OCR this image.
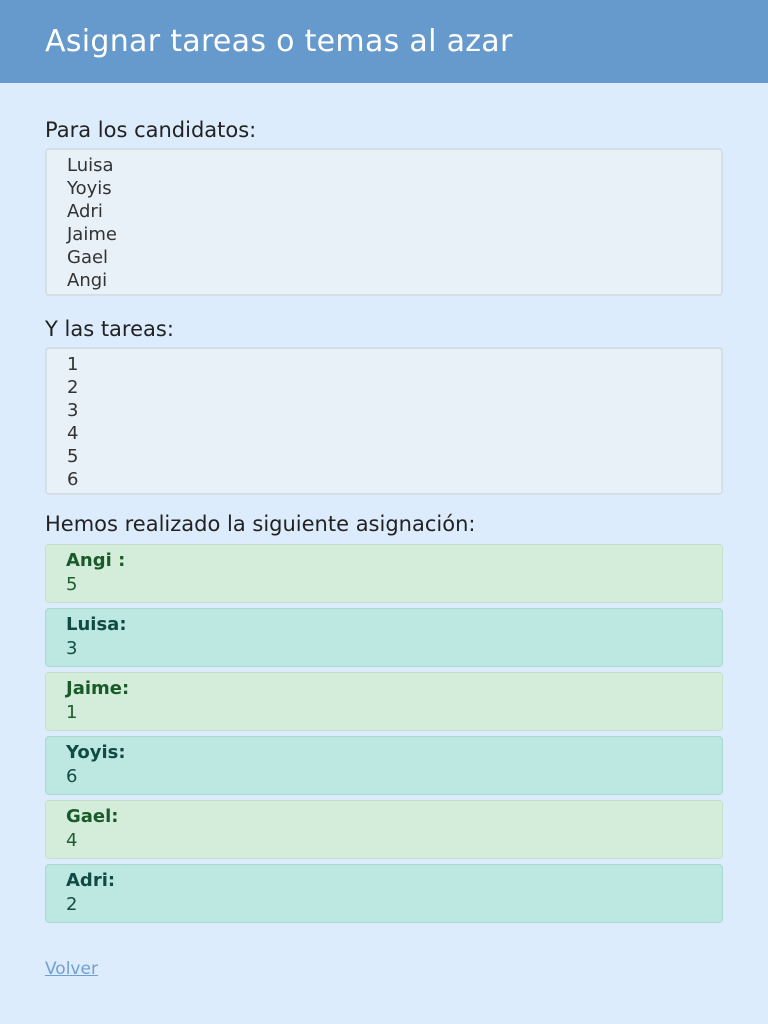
Asignar tareas o temas al azar

Para los candidatos:

Luisa
Yoyis
Adri
Jaime
Gael
Angi

Y las tareas:

1
2
3
4
5
6

Hemos realizado la siguiente asignación:

Angi :
5
Luisa:
3
Jaime:
1
Yoyis:
6
Gael:
4
Adri:
2
Volver
